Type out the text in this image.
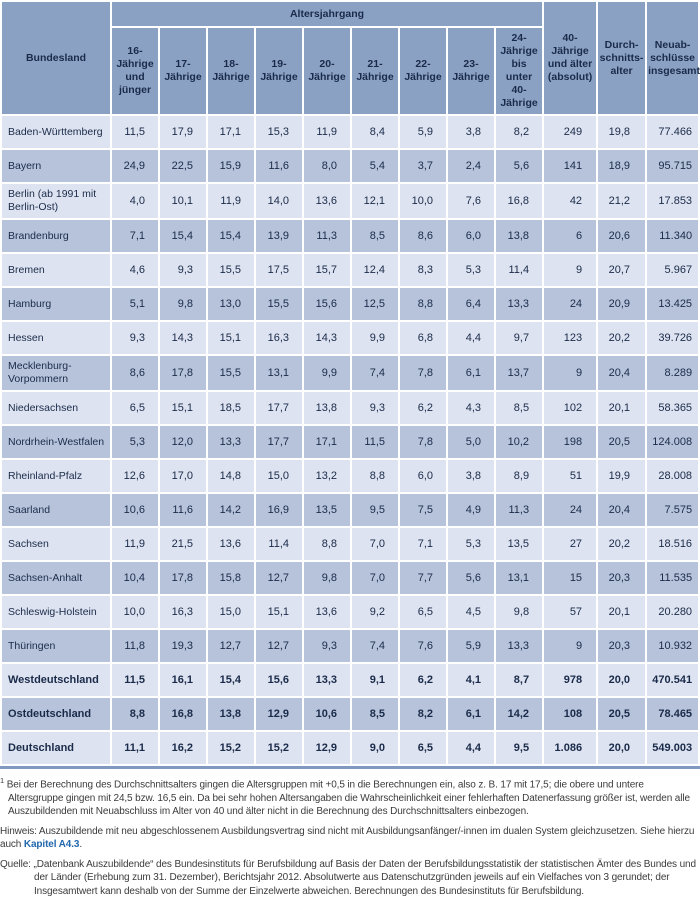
Bundesland	Altersjahrgang									40-Jährige und älter (absolut)	Durch-schnitts-alter	Neuab-schlüsse insgesamt
	16-Jährige und jünger	17-Jährige	18-Jährige	19-Jährige	20-Jährige	21-Jährige	22-Jährige	23-Jährige	24-Jährige bis unter 40-Jährige			
Baden-Württemberg	11,5	17,9	17,1	15,3	11,9	8,4	5,9	3,8	8,2	249	19,8	77.466
Bayern	24,9	22,5	15,9	11,6	8,0	5,4	3,7	2,4	5,6	141	18,9	95.715
Berlin (ab 1991 mit Berlin-Ost)	4,0	10,1	11,9	14,0	13,6	12,1	10,0	7,6	16,8	42	21,2	17.853
Brandenburg	7,1	15,4	15,4	13,9	11,3	8,5	8,6	6,0	13,8	6	20,6	11.340
Bremen	4,6	9,3	15,5	17,5	15,7	12,4	8,3	5,3	11,4	9	20,7	5.967
Hamburg	5,1	9,8	13,0	15,5	15,6	12,5	8,8	6,4	13,3	24	20,9	13.425
Hessen	9,3	14,3	15,1	16,3	14,3	9,9	6,8	4,4	9,7	123	20,2	39.726
Mecklenburg-Vorpommern	8,6	17,8	15,5	13,1	9,9	7,4	7,8	6,1	13,7	9	20,4	8.289
Niedersachsen	6,5	15,1	18,5	17,7	13,8	9,3	6,2	4,3	8,5	102	20,1	58.365
Nordrhein-Westfalen	5,3	12,0	13,3	17,7	17,1	11,5	7,8	5,0	10,2	198	20,5	124.008
Rheinland-Pfalz	12,6	17,0	14,8	15,0	13,2	8,8	6,0	3,8	8,9	51	19,9	28.008
Saarland	10,6	11,6	14,2	16,9	13,5	9,5	7,5	4,9	11,3	24	20,4	7.575
Sachsen	11,9	21,5	13,6	11,4	8,8	7,0	7,1	5,3	13,5	27	20,2	18.516
Sachsen-Anhalt	10,4	17,8	15,8	12,7	9,8	7,0	7,7	5,6	13,1	15	20,3	11.535
Schleswig-Holstein	10,0	16,3	15,0	15,1	13,6	9,2	6,5	4,5	9,8	57	20,1	20.280
Thüringen	11,8	19,3	12,7	12,7	9,3	7,4	7,6	5,9	13,3	9	20,3	10.932
Westdeutschland	11,5	16,1	15,4	15,6	13,3	9,1	6,2	4,1	8,7	978	20,0	470.541
Ostdeutschland	8,8	16,8	13,8	12,9	10,6	8,5	8,2	6,1	14,2	108	20,5	78.465
Deutschland	11,1	16,2	15,2	15,2	12,9	9,0	6,5	4,4	9,5	1.086	20,0	549.003

$^1$ Bei der Berechnung des Durchschnittsalters gingen die Altersgruppen mit +0,5 in die Berechnungen ein, also z. B. 17 mit 17,5; die obere und untere Altersgruppe gingen mit 24,5 bzw. 16,5 ein. Da bei sehr hohen Altersangaben die Wahrscheinlichkeit einer fehlerhaften Datenerfassung größer ist, werden alle Auszubildenden mit Neuabschluss im Alter von 40 und älter nicht in die Berechnung des Durchschnittsalters einbezogen.

Hinweis: Auszubildende mit neu abgeschlossenem Ausbildungsvertrag sind nicht mit Ausbildungsanfänger/-innen im dualen System gleichzusetzen. Siehe hierzu auch Kapitel A4.3.

Quelle: „Datenbank Auszubildende“ des Bundesinstituts für Berufsbildung auf Basis der Daten der Berufsbildungsstatistik der statistischen Ämter des Bundes und der Länder (Erhebung zum 31. Dezember), Berichtsjahr 2012. Absolutwerte aus Datenschutzgründen jeweils auf ein Vielfaches von 3 gerundet; der Insgesamtwert kann deshalb von der Summe der Einzelwerte abweichen. Berechnungen des Bundesinstituts für Berufsbildung.
